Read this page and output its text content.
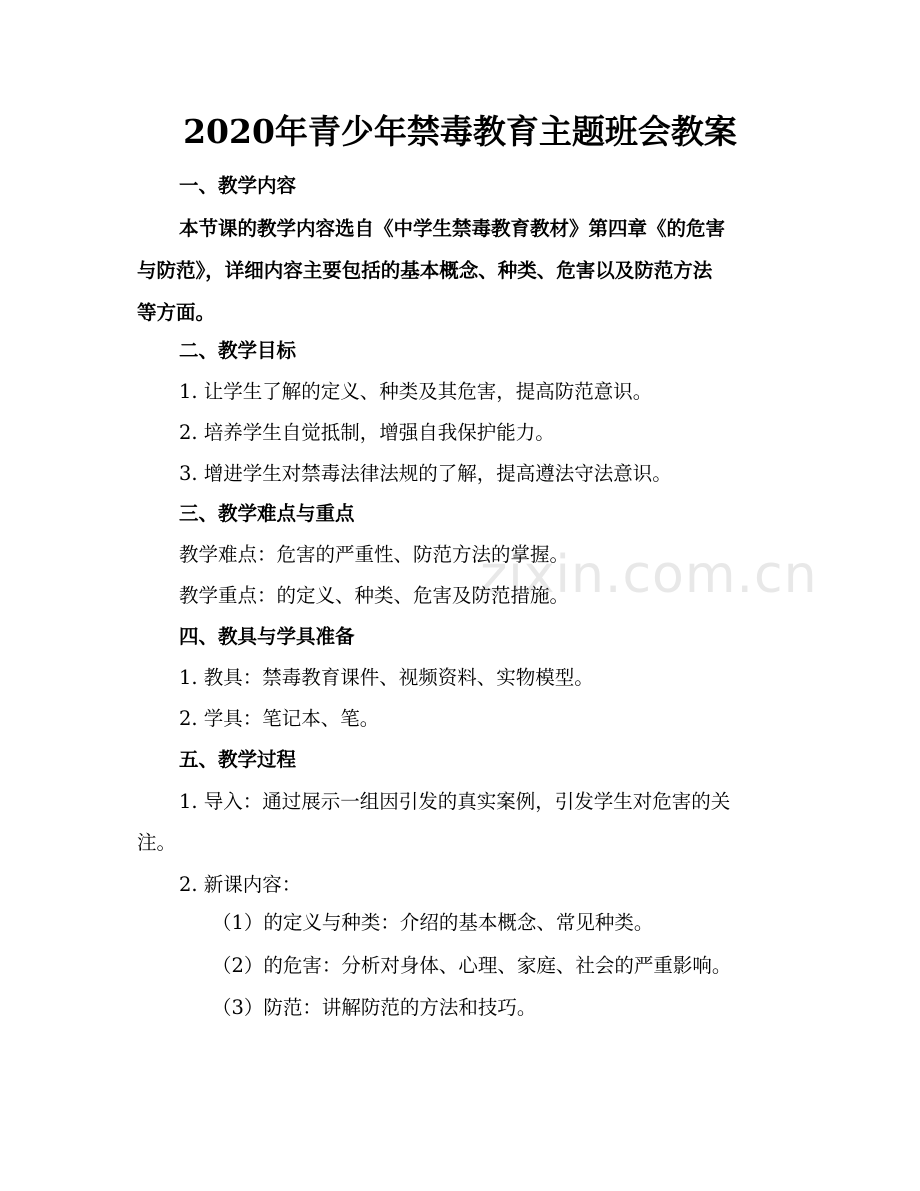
zixin.com.cn
2020年青少年禁毒教育主题班会教案
一、教学内容
本节课的教学内容选自《中学生禁毒教育教材》第四章《的危害
与防范》，详细内容主要包括的基本概念、种类、危害以及防范方法
等方面。
二、教学目标
1. 让学生了解的定义、种类及其危害，提高防范意识。
2. 培养学生自觉抵制，增强自我保护能力。
3. 增进学生对禁毒法律法规的了解，提高遵法守法意识。
三、教学难点与重点
教学难点：危害的严重性、防范方法的掌握。
教学重点：的定义、种类、危害及防范措施。
四、教具与学具准备
1. 教具：禁毒教育课件、视频资料、实物模型。
2. 学具：笔记本、笔。
五、教学过程
1. 导入：通过展示一组因引发的真实案例，引发学生对危害的关
注。
2. 新课内容：
（1）的定义与种类：介绍的基本概念、常见种类。
（2）的危害：分析对身体、心理、家庭、社会的严重影响。
（3）防范：讲解防范的方法和技巧。
